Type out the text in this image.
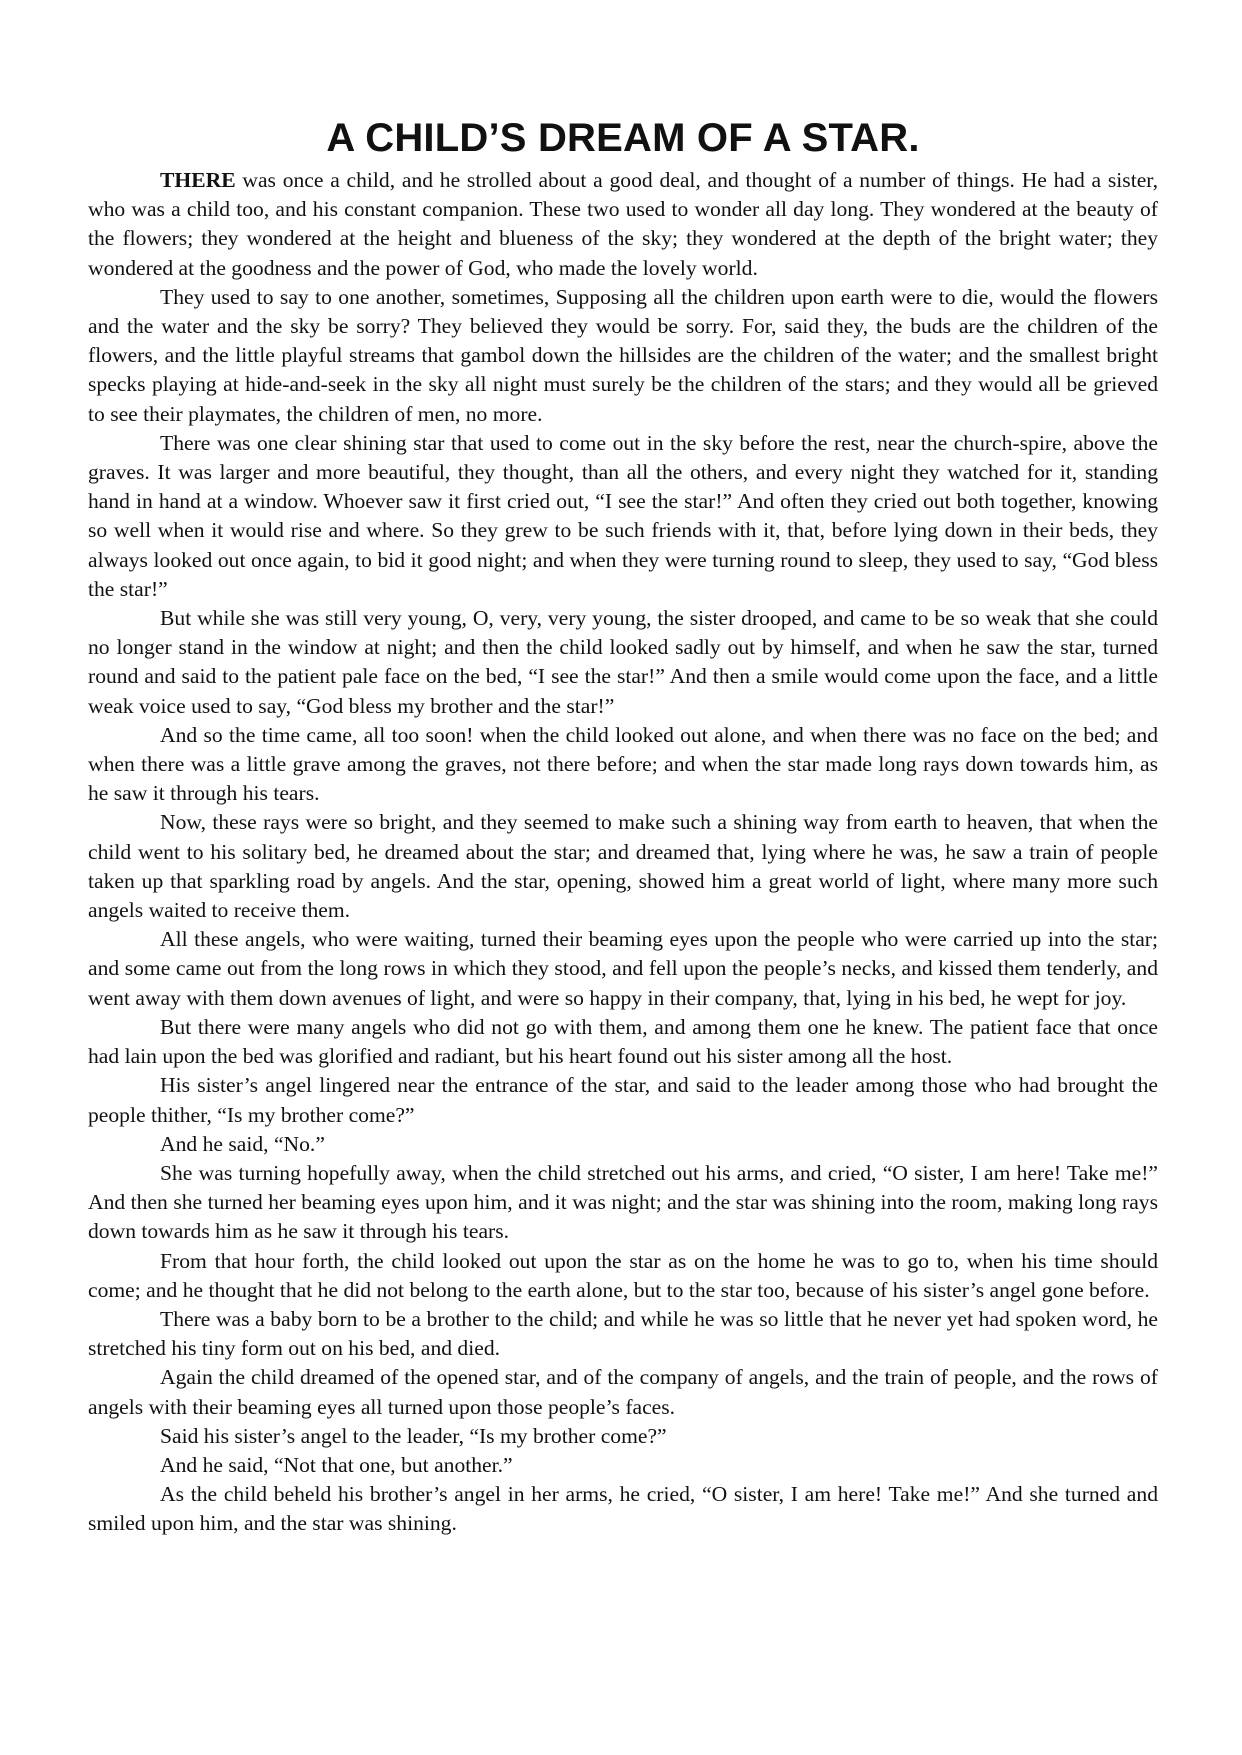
A CHILD’S DREAM OF A STAR.

THERE was once a child, and he strolled about a good deal, and thought of a number of things. He had a sister, who was a child too, and his constant companion. These two used to wonder all day long. They wondered at the beauty of the flowers; they wondered at the height and blueness of the sky; they wondered at the depth of the bright water; they wondered at the goodness and the power of God, who made the lovely world.

They used to say to one another, sometimes, Supposing all the children upon earth were to die, would the flowers and the water and the sky be sorry? They believed they would be sorry. For, said they, the buds are the children of the flowers, and the little playful streams that gambol down the hillsides are the children of the water; and the smallest bright specks playing at hide-and-seek in the sky all night must surely be the children of the stars; and they would all be grieved to see their playmates, the children of men, no more.

There was one clear shining star that used to come out in the sky before the rest, near the church-spire, above the graves. It was larger and more beautiful, they thought, than all the others, and every night they watched for it, standing hand in hand at a window. Whoever saw it first cried out, “I see the star!” And often they cried out both together, knowing so well when it would rise and where. So they grew to be such friends with it, that, before lying down in their beds, they always looked out once again, to bid it good night; and when they were turning round to sleep, they used to say, “God bless the star!”

But while she was still very young, O, very, very young, the sister drooped, and came to be so weak that she could no longer stand in the window at night; and then the child looked sadly out by himself, and when he saw the star, turned round and said to the patient pale face on the bed, “I see the star!” And then a smile would come upon the face, and a little weak voice used to say, “God bless my brother and the star!”

And so the time came, all too soon! when the child looked out alone, and when there was no face on the bed; and when there was a little grave among the graves, not there before; and when the star made long rays down towards him, as he saw it through his tears.

Now, these rays were so bright, and they seemed to make such a shining way from earth to heaven, that when the child went to his solitary bed, he dreamed about the star; and dreamed that, lying where he was, he saw a train of people taken up that sparkling road by angels. And the star, opening, showed him a great world of light, where many more such angels waited to receive them.

All these angels, who were waiting, turned their beaming eyes upon the people who were carried up into the star; and some came out from the long rows in which they stood, and fell upon the people’s necks, and kissed them tenderly, and went away with them down avenues of light, and were so happy in their company, that, lying in his bed, he wept for joy.

But there were many angels who did not go with them, and among them one he knew. The patient face that once had lain upon the bed was glorified and radiant, but his heart found out his sister among all the host.

His sister’s angel lingered near the entrance of the star, and said to the leader among those who had brought the people thither, “Is my brother come?”

And he said, “No.”

She was turning hopefully away, when the child stretched out his arms, and cried, “O sister, I am here! Take me!” And then she turned her beaming eyes upon him, and it was night; and the star was shining into the room, making long rays down towards him as he saw it through his tears.

From that hour forth, the child looked out upon the star as on the home he was to go to, when his time should come; and he thought that he did not belong to the earth alone, but to the star too, because of his sister’s angel gone before.

There was a baby born to be a brother to the child; and while he was so little that he never yet had spoken word, he stretched his tiny form out on his bed, and died.

Again the child dreamed of the opened star, and of the company of angels, and the train of people, and the rows of angels with their beaming eyes all turned upon those people’s faces.

Said his sister’s angel to the leader, “Is my brother come?”

And he said, “Not that one, but another.”

As the child beheld his brother’s angel in her arms, he cried, “O sister, I am here! Take me!” And she turned and smiled upon him, and the star was shining.
